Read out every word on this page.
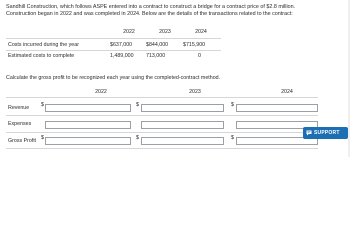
Sandhill Construction, which follows ASPE entered into a contract to construct a bridge for a contract price of $2.8 million.
Construction began in 2022 and was completed in 2024. Below are the details of the transactions related to the contract:
2022	2023	2024
Costs incurred during the year	$637,000	$844,000	$715,900
Estimated costs to complete	1,489,000 713,000	0
Calculate the gross profit to be recognized each year using the completed-contract method.
2022	2023	2024
Revenue $	$	$
Expenses
Gross Profit $	$	$
SUPPORT
